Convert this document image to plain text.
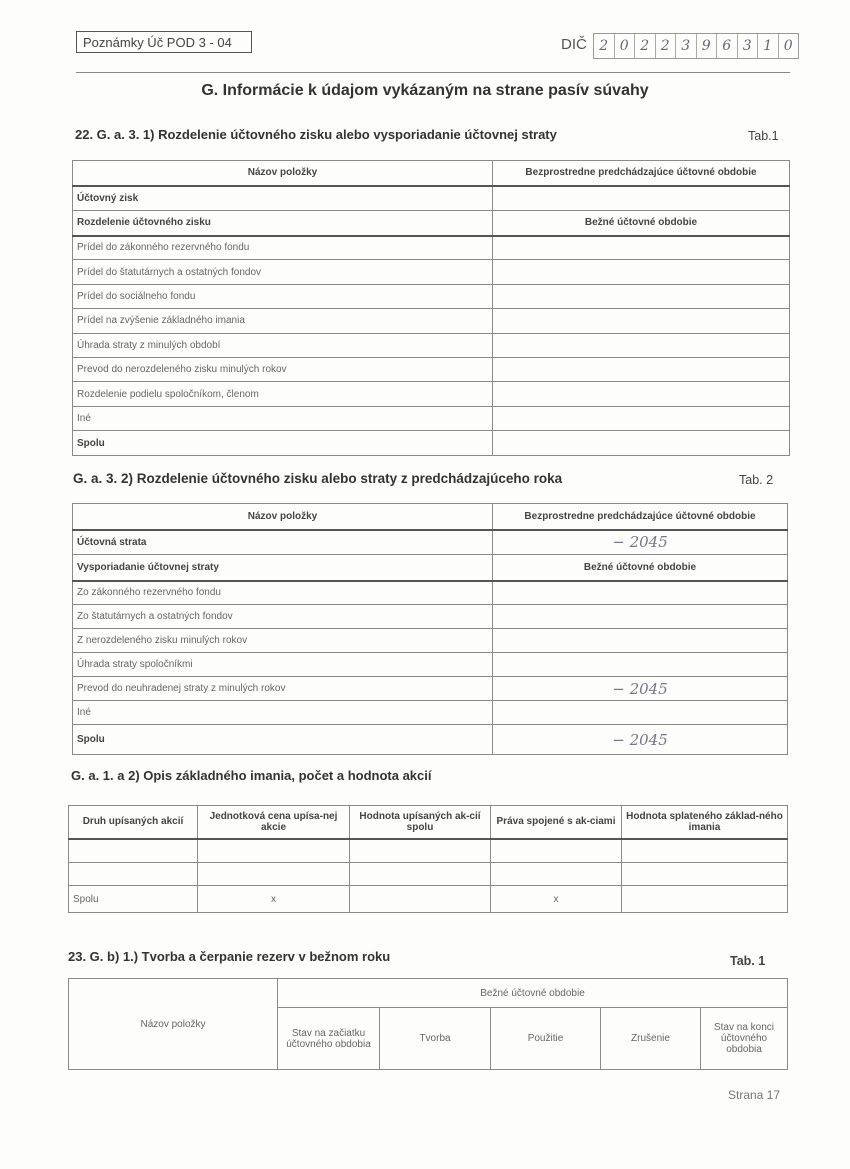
Poznámky Úč POD 3 - 04	DIČ 2 0 2 2 3 9 6 3 1 0
G. Informácie k údajom vykázaným na strane pasív súvahy
22. G. a. 3. 1) Rozdelenie účtovného zisku alebo vysporiadanie účtovnej straty	Tab.1
Názov položky	Bezprostredne predchádzajúce účtovné obdobie
Účtovný zisk	
Rozdelenie účtovného zisku	Bežné účtovné obdobie
Prídel do zákonného rezervného fondu	
Prídel do štatutárnych a ostatných fondov	
Prídel do sociálneho fondu	
Prídel na zvýšenie základného imania	
Úhrada straty z minulých období	
Prevod do nerozdeleného zisku minulých rokov	
Rozdelenie podielu spoločníkom, členom	
Iné	
Spolu	
G. a. 3. 2) Rozdelenie účtovného zisku alebo straty z predchádzajúceho roka	Tab. 2
Názov položky	Bezprostredne predchádzajúce účtovné obdobie
Účtovná strata	− 2045
Vysporiadanie účtovnej straty	Bežné účtovné obdobie
Zo zákonného rezervného fondu	
Zo štatutárnych a ostatných fondov	
Z nerozdeleného zisku minulých rokov	
Úhrada straty spoločníkmi	
Prevod do neuhradenej straty z minulých rokov	− 2045
Iné	
Spolu	− 2045
G. a. 1. a 2) Opis základného imania, počet a hodnota akcií
Druh upísaných akcií	Jednotková cena upísa-nej akcie	Hodnota upísaných ak-cií spolu	Práva spojené s ak-ciami	Hodnota splateného základ-ného imania

Spolu	x		x	
23. G. b) 1.) Tvorba a čerpanie rezerv v bežnom roku	Tab. 1
Názov položky	Bežné účtovné obdobie				
	Stav na začiatku účtovného obdobia	Tvorba	Použitie	Zrušenie	Stav na konci účtovného obdobia
Strana 17
